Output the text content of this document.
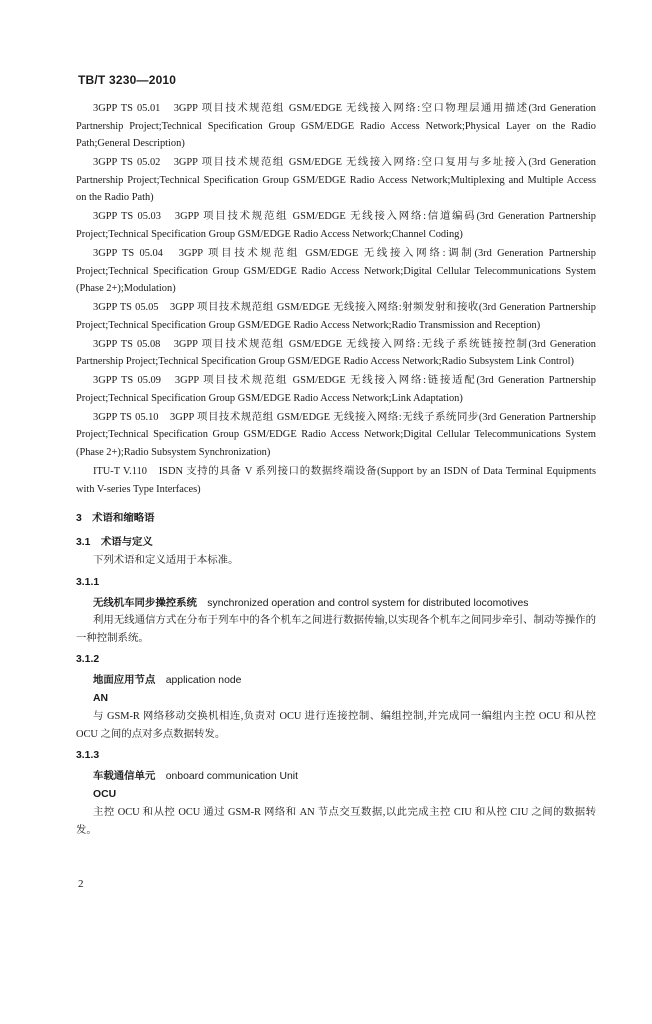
TB/T 3230—2010

3GPP TS 05.01　3GPP 项目技术规范组 GSM/EDGE 无线接入网络:空口物理层通用描述(3rd Generation Partnership Project;Technical Specification Group GSM/EDGE Radio Access Network;Physical Layer on the Radio Path;General Description)

3GPP TS 05.02　3GPP 项目技术规范组 GSM/EDGE 无线接入网络:空口复用与多址接入(3rd Generation Partnership Project;Technical Specification Group GSM/EDGE Radio Access Network;Multiplexing and Multiple Access on the Radio Path)

3GPP TS 05.03　3GPP 项目技术规范组 GSM/EDGE 无线接入网络:信道编码(3rd Generation Partnership Project;Technical Specification Group GSM/EDGE Radio Access Network;Channel Coding)

3GPP TS 05.04　3GPP 项目技术规范组 GSM/EDGE 无线接入网络:调制(3rd Generation Partnership Project;Technical Specification Group GSM/EDGE Radio Access Network;Digital Cellular Telecommunications System (Phase 2+);Modulation)

3GPP TS 05.05　3GPP 项目技术规范组 GSM/EDGE 无线接入网络:射频发射和接收(3rd Generation Partnership Project;Technical Specification Group GSM/EDGE Radio Access Network;Radio Transmission and Reception)

3GPP TS 05.08　3GPP 项目技术规范组 GSM/EDGE 无线接入网络:无线子系统链接控制(3rd Generation Partnership Project;Technical Specification Group GSM/EDGE Radio Access Network;Radio Subsystem Link Control)

3GPP TS 05.09　3GPP 项目技术规范组 GSM/EDGE 无线接入网络:链接适配(3rd Generation Partnership Project;Technical Specification Group GSM/EDGE Radio Access Network;Link Adaptation)

3GPP TS 05.10　3GPP 项目技术规范组 GSM/EDGE 无线接入网络:无线子系统同步(3rd Generation Partnership Project;Technical Specification Group GSM/EDGE Radio Access Network;Digital Cellular Telecommunications System (Phase 2+);Radio Subsystem Synchronization)

ITU-T V.110　ISDN 支持的具备 V 系列接口的数据终端设备(Support by an ISDN of Data Terminal Equipments with V-series Type Interfaces)

3　术语和缩略语
3.1　术语与定义

下列术语和定义适用于本标准。

3.1.1

无线机车同步操控系统　 synchronized operation and control system for distributed locomotives

利用无线通信方式在分布于列车中的各个机车之间进行数据传输,以实现各个机车之间同步牵引、制动等操作的一种控制系统。

3.1.2

地面应用节点　 application node

AN

与 GSM-R 网络移动交换机相连,负责对 OCU 进行连接控制、编组控制,并完成同一编组内主控 OCU 和从控 OCU 之间的点对多点数据转发。

3.1.3

车载通信单元　 onboard communication Unit

OCU

主控 OCU 和从控 OCU 通过 GSM-R 网络和 AN 节点交互数据,以此完成主控 CIU 和从控 CIU 之间的数据转发。

2
